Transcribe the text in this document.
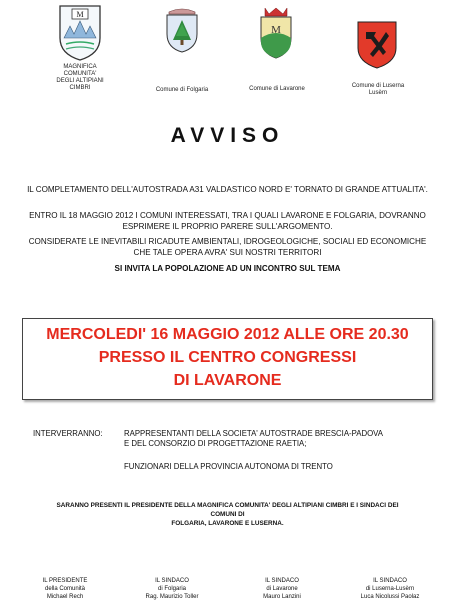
M
MAGNIFICA COMUNITA'
DEGLI ALTIPIANI CIMBRI	Comune di Folgaria
M
Comune di Lavarone	Comune di Luserna
Lusèrn
AVVISO
IL COMPLETAMENTO DELL'AUTOSTRADA A31 VALDASTICO NORD E' TORNATO DI GRANDE ATTUALITA'.
ENTRO IL 18 MAGGIO 2012 I COMUNI INTERESSATI, TRA I QUALI LAVARONE E FOLGARIA, DOVRANNO ESPRIMERE IL PROPRIO PARERE SULL'ARGOMENTO.
CONSIDERATE LE INEVITABILI RICADUTE AMBIENTALI, IDROGEOLOGICHE, SOCIALI ED ECONOMICHE CHE TALE OPERA AVRA' SUI NOSTRI TERRITORI
SI INVITA LA POPOLAZIONE AD UN INCONTRO SUL TEMA
MERCOLEDI' 16 MAGGIO 2012 ALLE ORE 20.30
PRESSO IL CENTRO CONGRESSI
DI LAVARONE
INTERVERRANNO:	RAPPRESENTANTI DELLA SOCIETA' AUTOSTRADE BRESCIA-PADOVA
E DEL CONSORZIO DI PROGETTAZIONE RAETIA;
FUNZIONARI DELLA PROVINCIA AUTONOMA DI TRENTO
SARANNO PRESENTI IL PRESIDENTE DELLA MAGNIFICA COMUNITA' DEGLI ALTIPIANI CIMBRI E I SINDACI DEI
COMUNI DI
FOLGARIA, LAVARONE E LUSERNA.
IL PRESIDENTE
della Comunità
Michael Rech
IL SINDACO
di Folgaria
Rag. Maurizio Toller
IL SINDACO
di Lavarone
Mauro Lanzini
IL SINDACO
di Luserna-Lusèrn
Luca Nicolussi Paolaz
